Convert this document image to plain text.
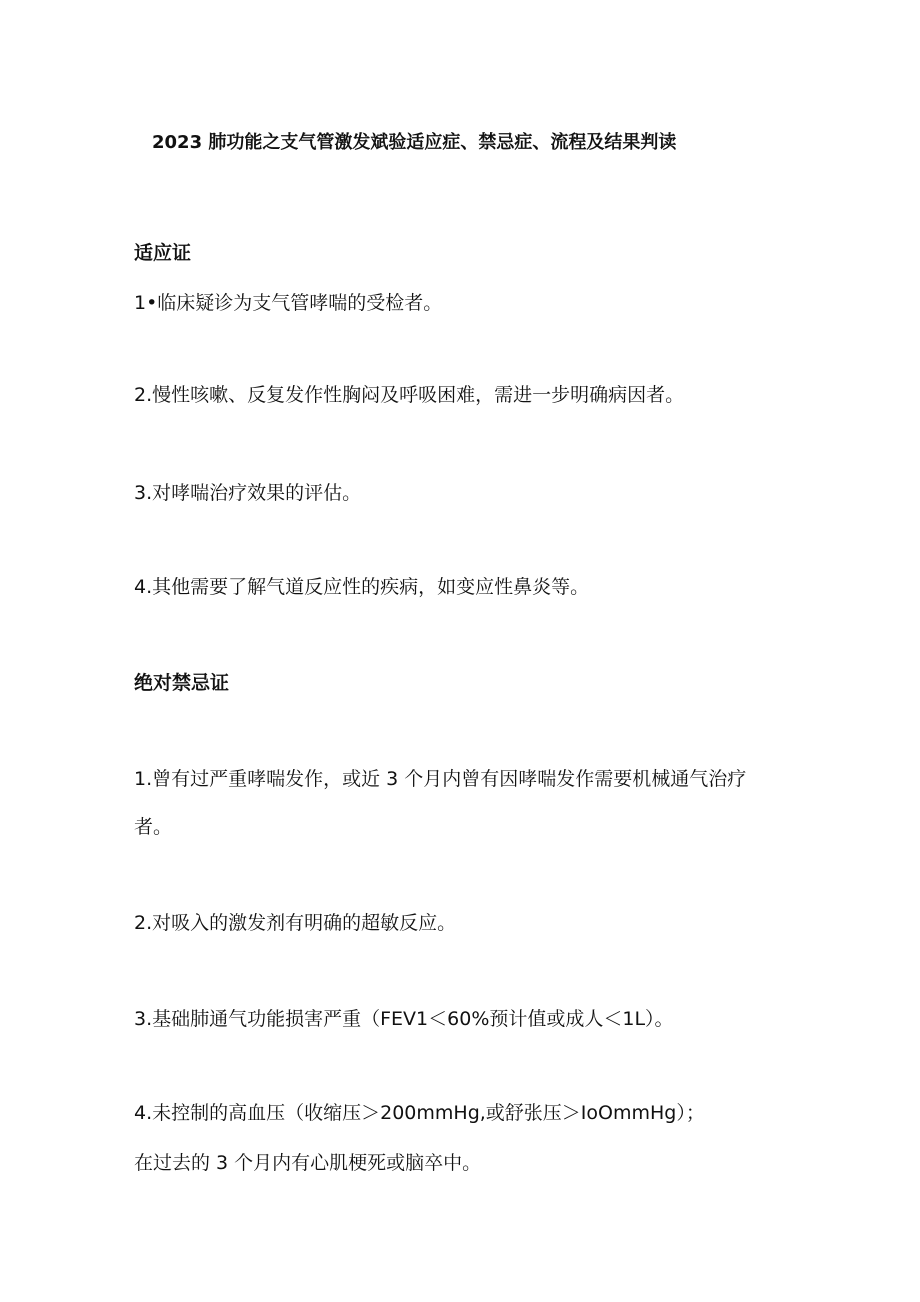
2023 肺功能之支气管激发斌验适应症、禁忌症、流程及结果判读
适应证
1•临床疑诊为支气管哮喘的受检者。
2.慢性咳嗽、反复发作性胸闷及呼吸困难，需进一步明确病因者。
3.对哮喘治疗效果的评估。
4.其他需要了解气道反应性的疾病，如变应性鼻炎等。
绝对禁忌证
1.曾有过严重哮喘发作，或近 3 个月内曾有因哮喘发作需要机械通气治疗
者。
2.对吸入的激发剂有明确的超敏反应。
3.基础肺通气功能损害严重（FEV1＜60%预计值或成人＜1L）。
4.未控制的高血压（收缩压＞200mmHg,或舒张压＞IoOmmHg）；
在过去的 3 个月内有心肌梗死或脑卒中。
